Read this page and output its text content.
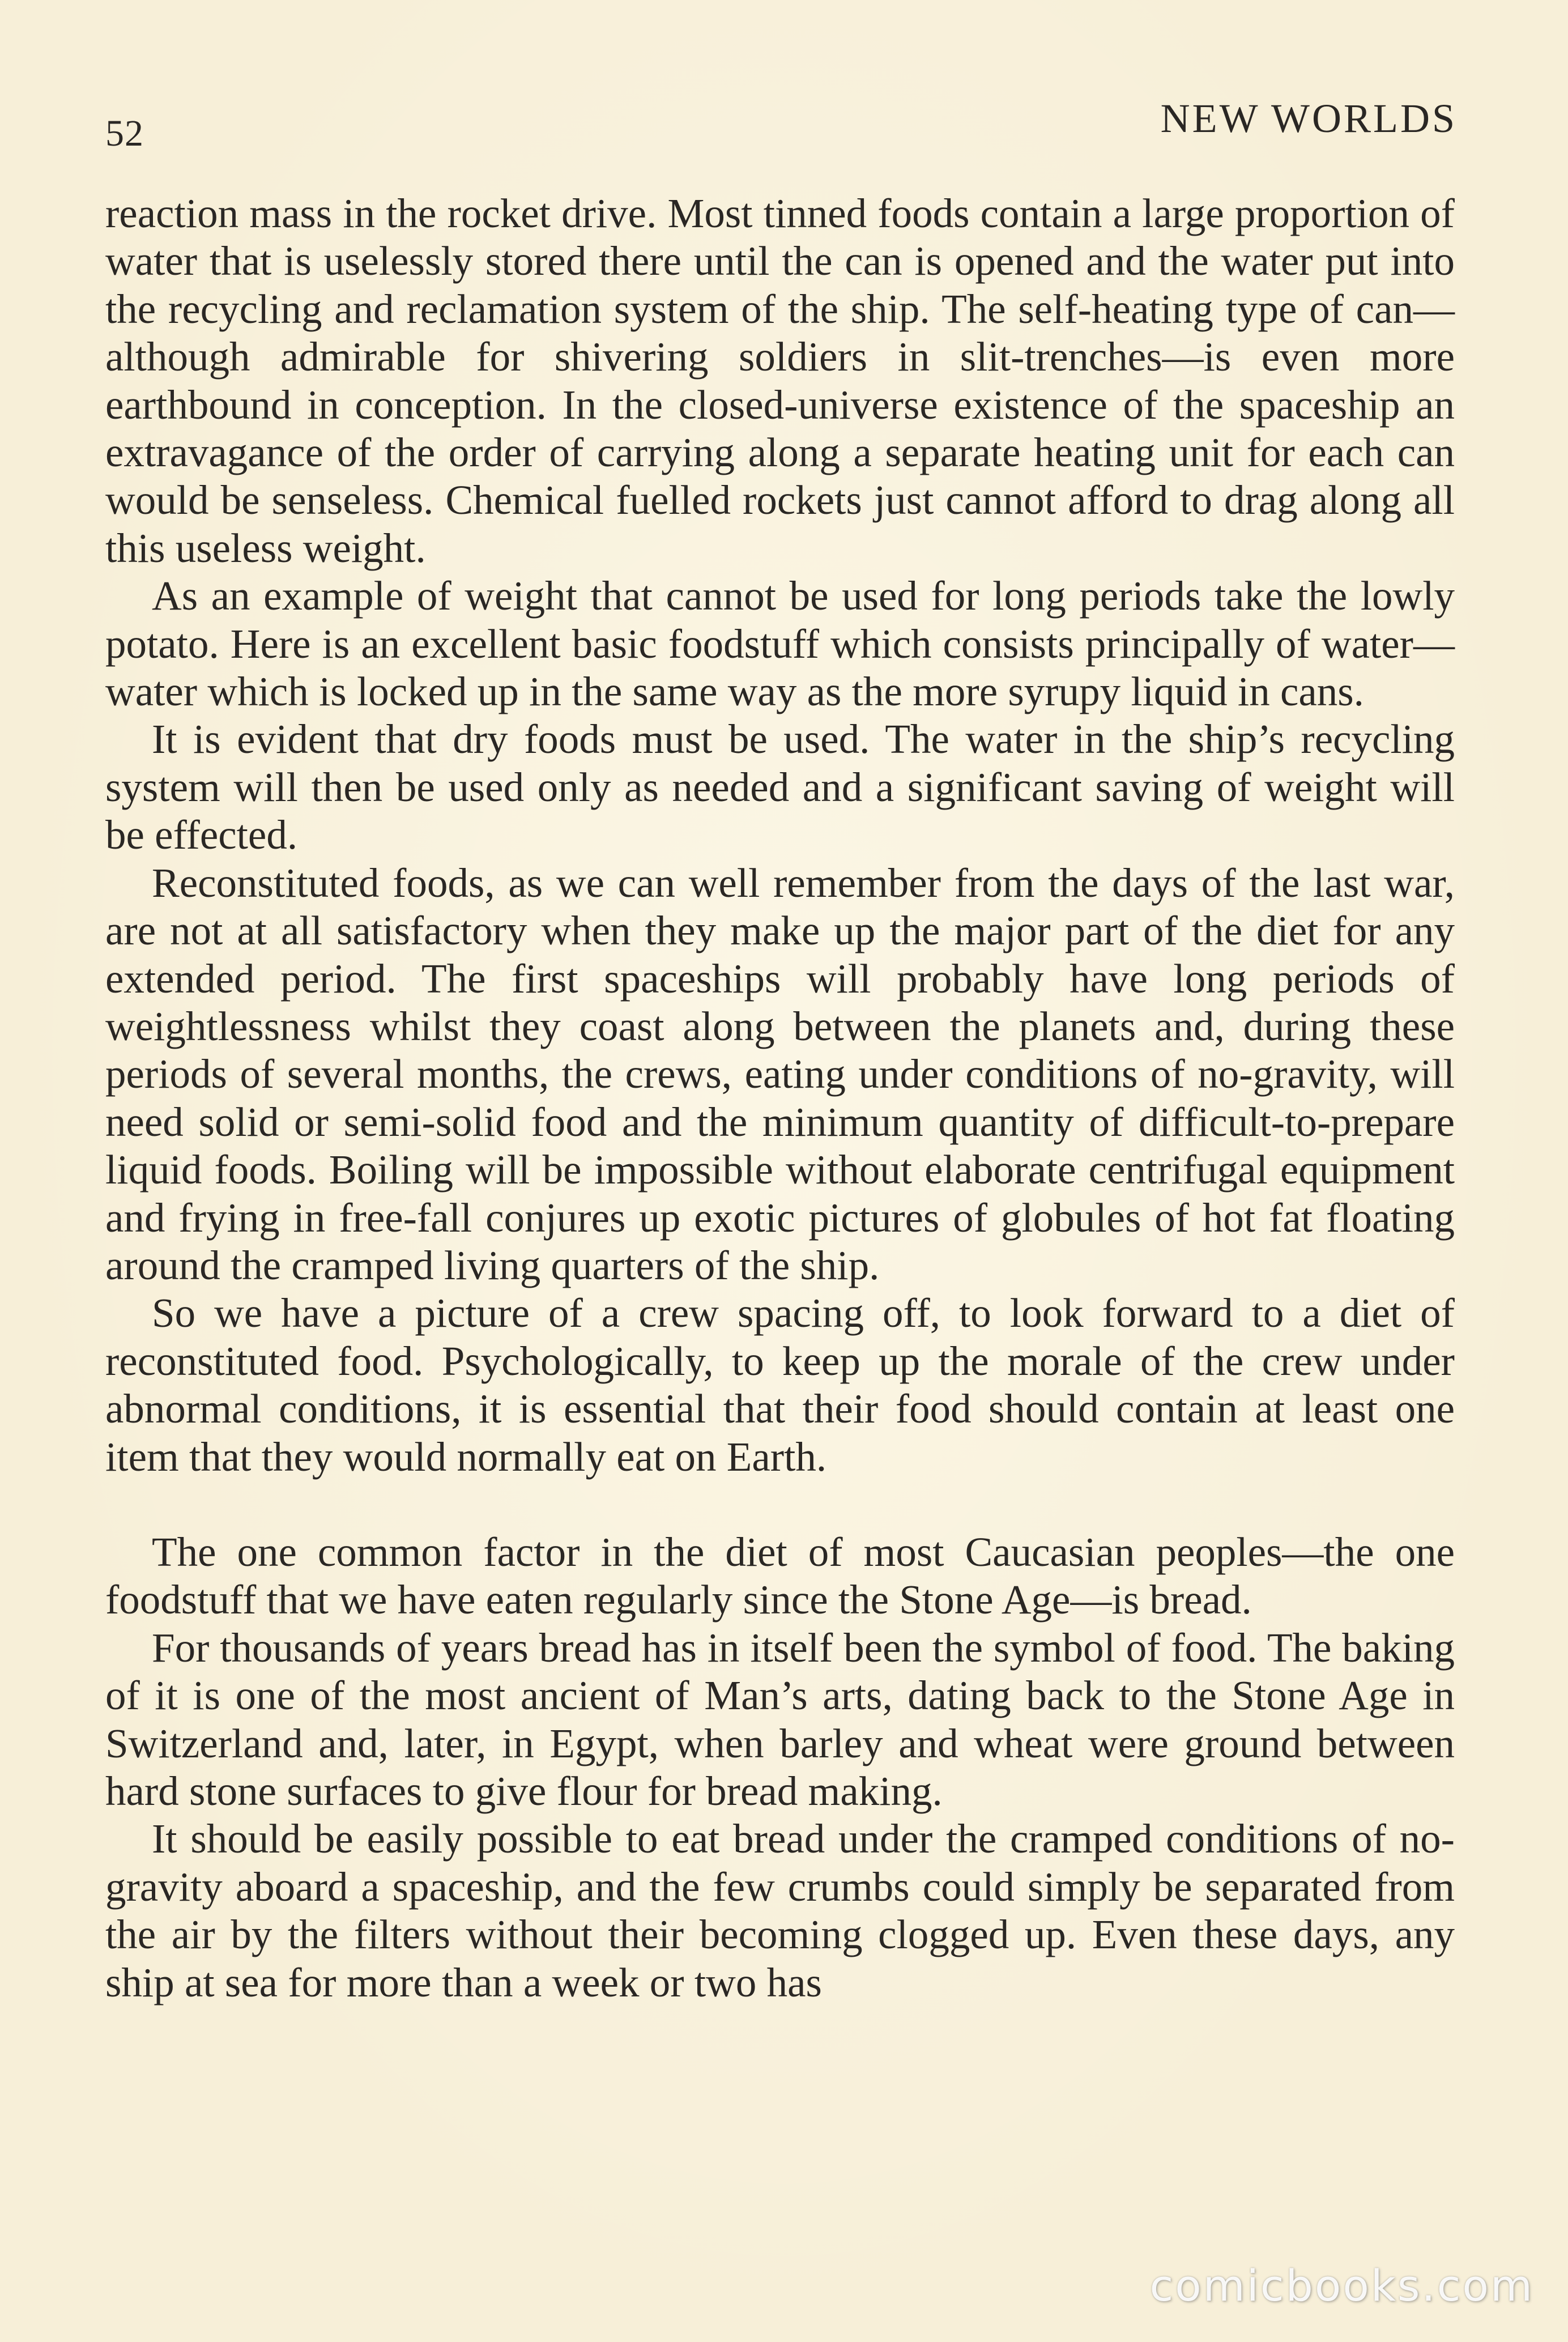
52	NEW WORLDS

reaction mass in the rocket drive. Most tinned foods contain a large proportion of water that is uselessly stored there until the can is opened and the water put into the recycling and reclamation system of the ship. The self-heating type of can—although admirable for shivering soldiers in slit-trenches—is even more earthbound in conception. In the closed-universe existence of the spaceship an extravagance of the order of carrying along a separate heating unit for each can would be senseless. Chemical fuelled rockets just cannot afford to drag along all this useless weight.

As an example of weight that cannot be used for long periods take the lowly potato. Here is an excellent basic foodstuff which consists principally of water—water which is locked up in the same way as the more syrupy liquid in cans.

It is evident that dry foods must be used. The water in the ship’s recycling system will then be used only as needed and a significant saving of weight will be effected.

Reconstituted foods, as we can well remember from the days of the last war, are not at all satisfactory when they make up the major part of the diet for any extended period. The first spaceships will probably have long periods of weightlessness whilst they coast along between the planets and, during these periods of several months, the crews, eating under conditions of no-gravity, will need solid or semi-solid food and the minimum quantity of difficult-to-prepare liquid foods. Boiling will be impossible without elaborate centrifugal equipment and frying in free-fall conjures up exotic pictures of globules of hot fat floating around the cramped living quarters of the ship.

So we have a picture of a crew spacing off, to look forward to a diet of reconstituted food. Psychologically, to keep up the morale of the crew under abnormal conditions, it is essential that their food should contain at least one item that they would normally eat on Earth.

The one common factor in the diet of most Caucasian peoples—the one foodstuff that we have eaten regularly since the Stone Age—is bread.

For thousands of years bread has in itself been the symbol of food. The baking of it is one of the most ancient of Man’s arts, dating back to the Stone Age in Switzerland and, later, in Egypt, when barley and wheat were ground between hard stone surfaces to give flour for bread making.

It should be easily possible to eat bread under the cramped conditions of no-gravity aboard a spaceship, and the few crumbs could simply be separated from the air by the filters without their becoming clogged up. Even these days, any ship at sea for more than a week or two has

comicbooks.com
